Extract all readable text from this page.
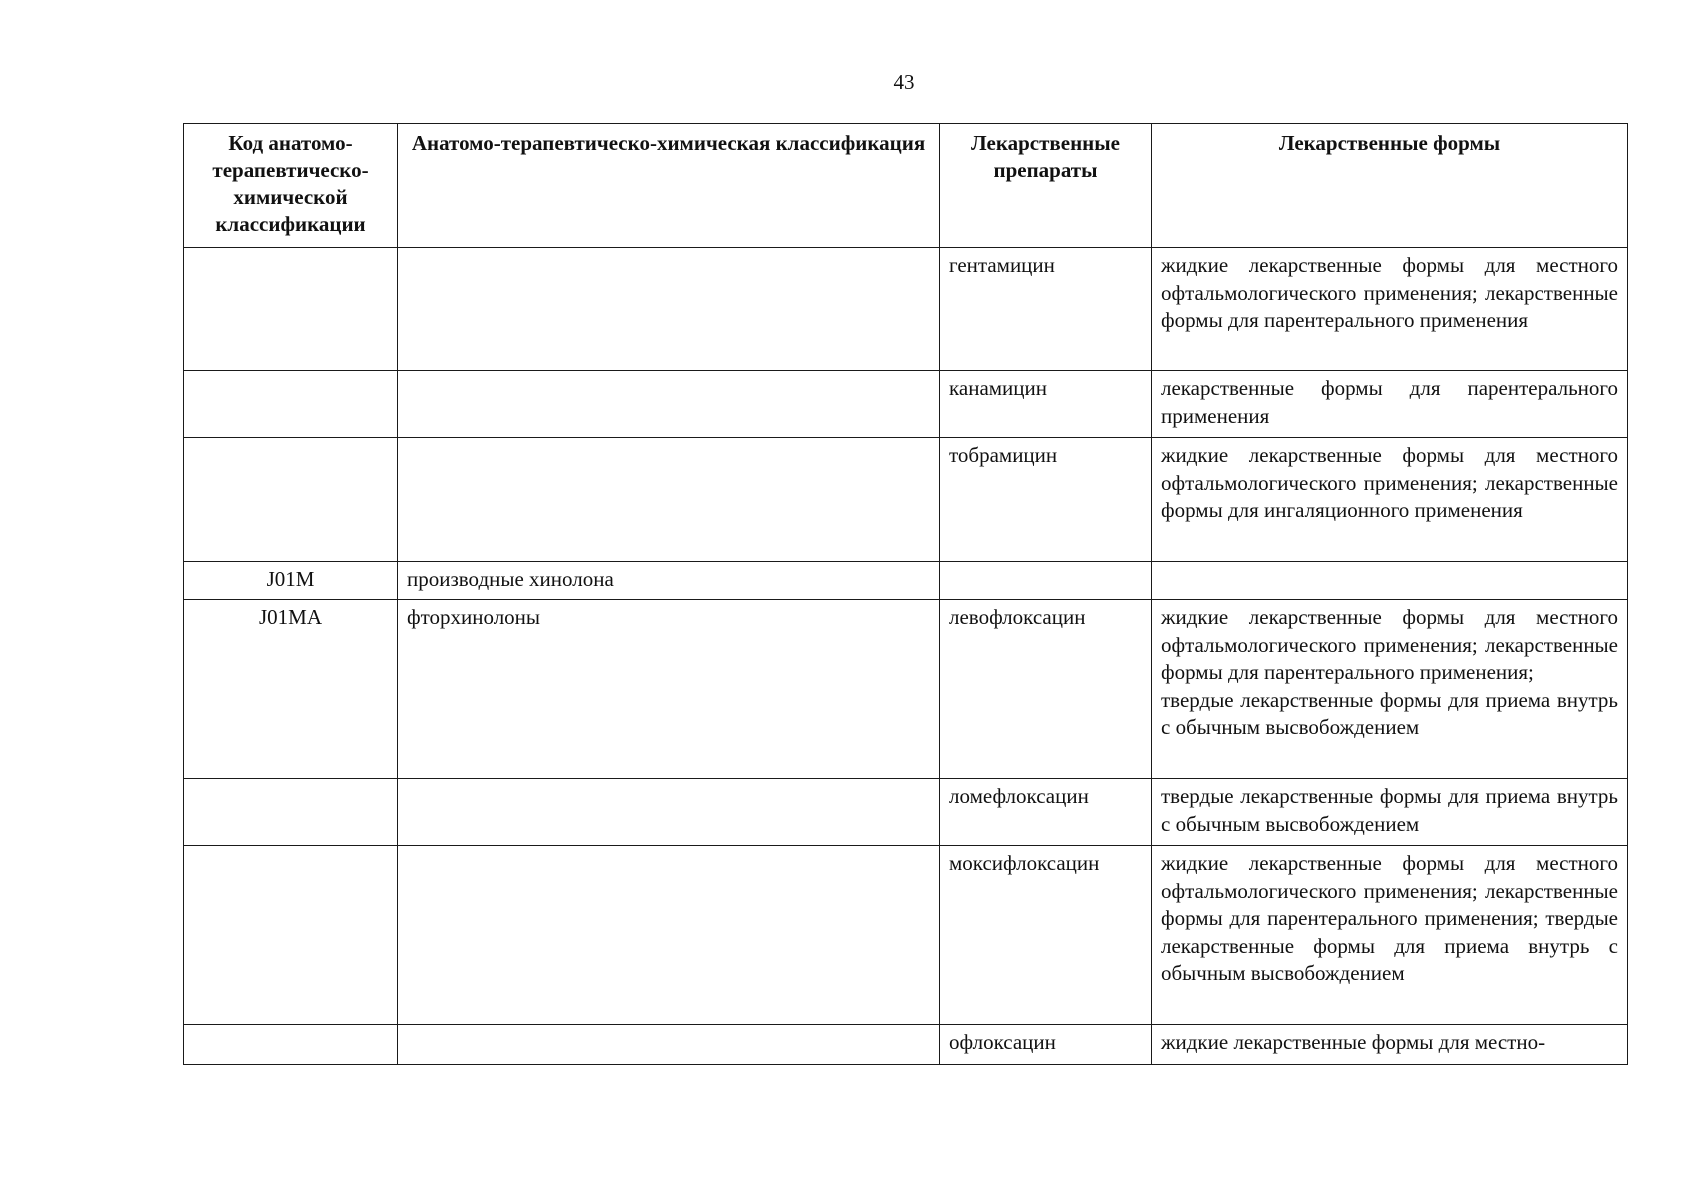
43
Код анатомо-терапевтическо-химической классификации	Анатомо-терапевтическо-химическая классификация	Лекарственные препараты	Лекарственные формы
		гентамицин	жидкие лекарственные формы для местного офтальмологического применения; лекарственные формы для парентерального применения

		канамицин	лекарственные формы для парентерального применения

		тобрамицин	жидкие лекарственные формы для местного офтальмологического применения; лекарственные формы для ингаляционного применения

J01M	производные хинолона		

J01MA	фторхинолоны	левофлоксацин	жидкие лекарственные формы для местного офтальмологического применения; лекарственные формы для парентерального применения;
твердые лекарственные формы для приема внутрь с обычным высвобождением

		ломефлоксацин	твердые лекарственные формы для приема внутрь с обычным высвобождением

		моксифлоксацин	жидкие лекарственные формы для местного офтальмологического применения; лекарственные формы для парентерального применения; твердые лекарственные формы для приема внутрь с обычным высвобождением

		офлоксацин	жидкие лекарственные формы для местно-
